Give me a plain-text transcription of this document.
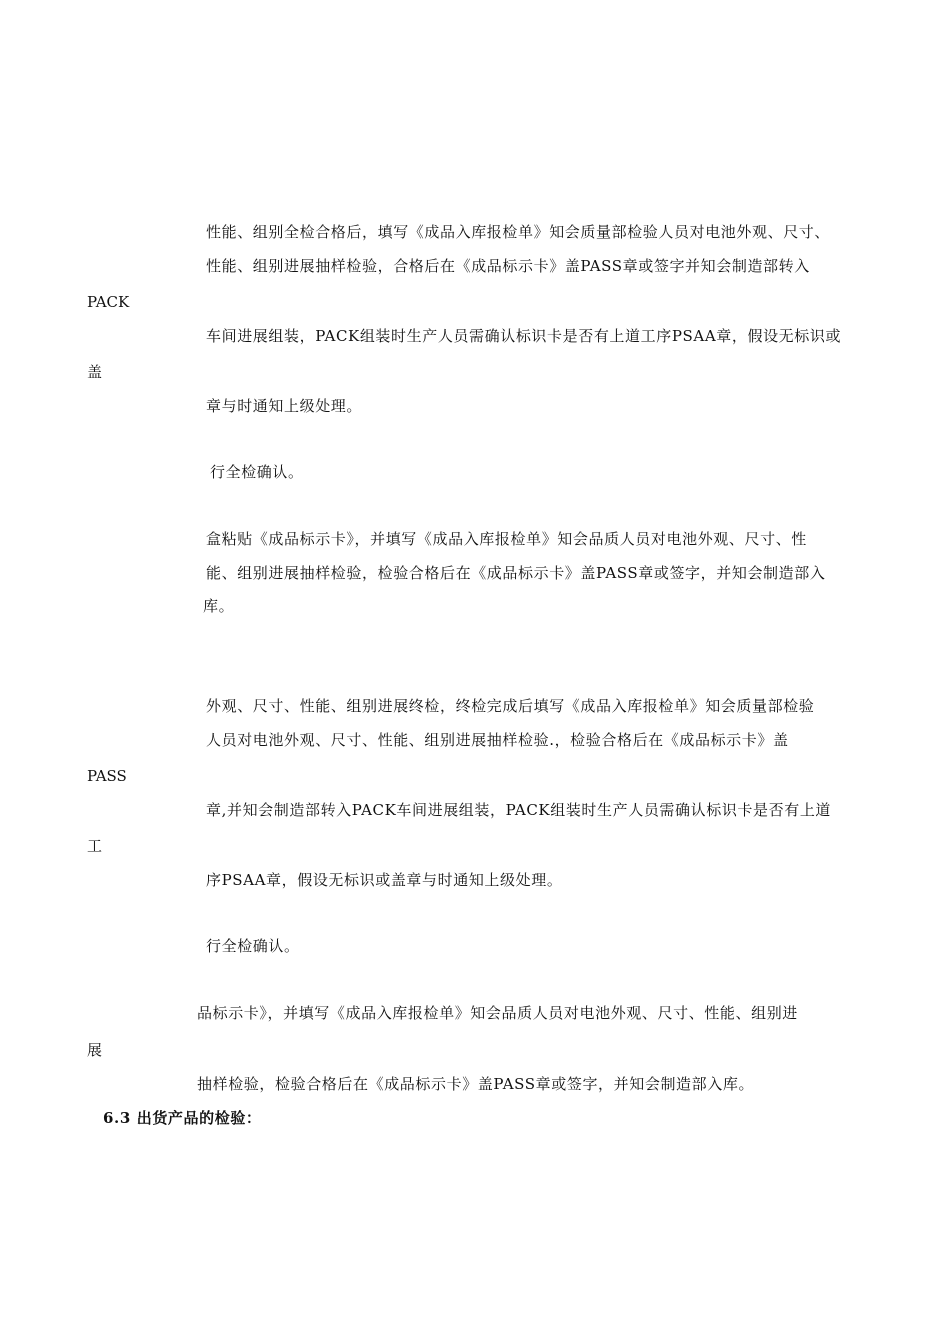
性能、组别全检合格后，填写《成品入库报检单》知会质量部检验人员对电池外观、尺寸、
性能、组别进展抽样检验，合格后在《成品标示卡》盖PASS章或签字并知会制造部转入
PACK
车间进展组装，PACK组装时生产人员需确认标识卡是否有上道工序PSAA章，假设无标识或
盖
章与时通知上级处理。
行全检确认。
盒粘贴《成品标示卡》，并填写《成品入库报检单》知会品质人员对电池外观、尺寸、性
能、组别进展抽样检验，检验合格后在《成品标示卡》盖PASS章或签字，并知会制造部入
库。
外观、尺寸、性能、组别进展终检，终检完成后填写《成品入库报检单》知会质量部检验
人员对电池外观、尺寸、性能、组别进展抽样检验.，检验合格后在《成品标示卡》盖
PASS
章,并知会制造部转入PACK车间进展组装，PACK组装时生产人员需确认标识卡是否有上道
工
序PSAA章，假设无标识或盖章与时通知上级处理。
行全检确认。
品标示卡》，并填写《成品入库报检单》知会品质人员对电池外观、尺寸、性能、组别进
展
抽样检验，检验合格后在《成品标示卡》盖PASS章或签字，并知会制造部入库。
6.3 出货产品的检验：
